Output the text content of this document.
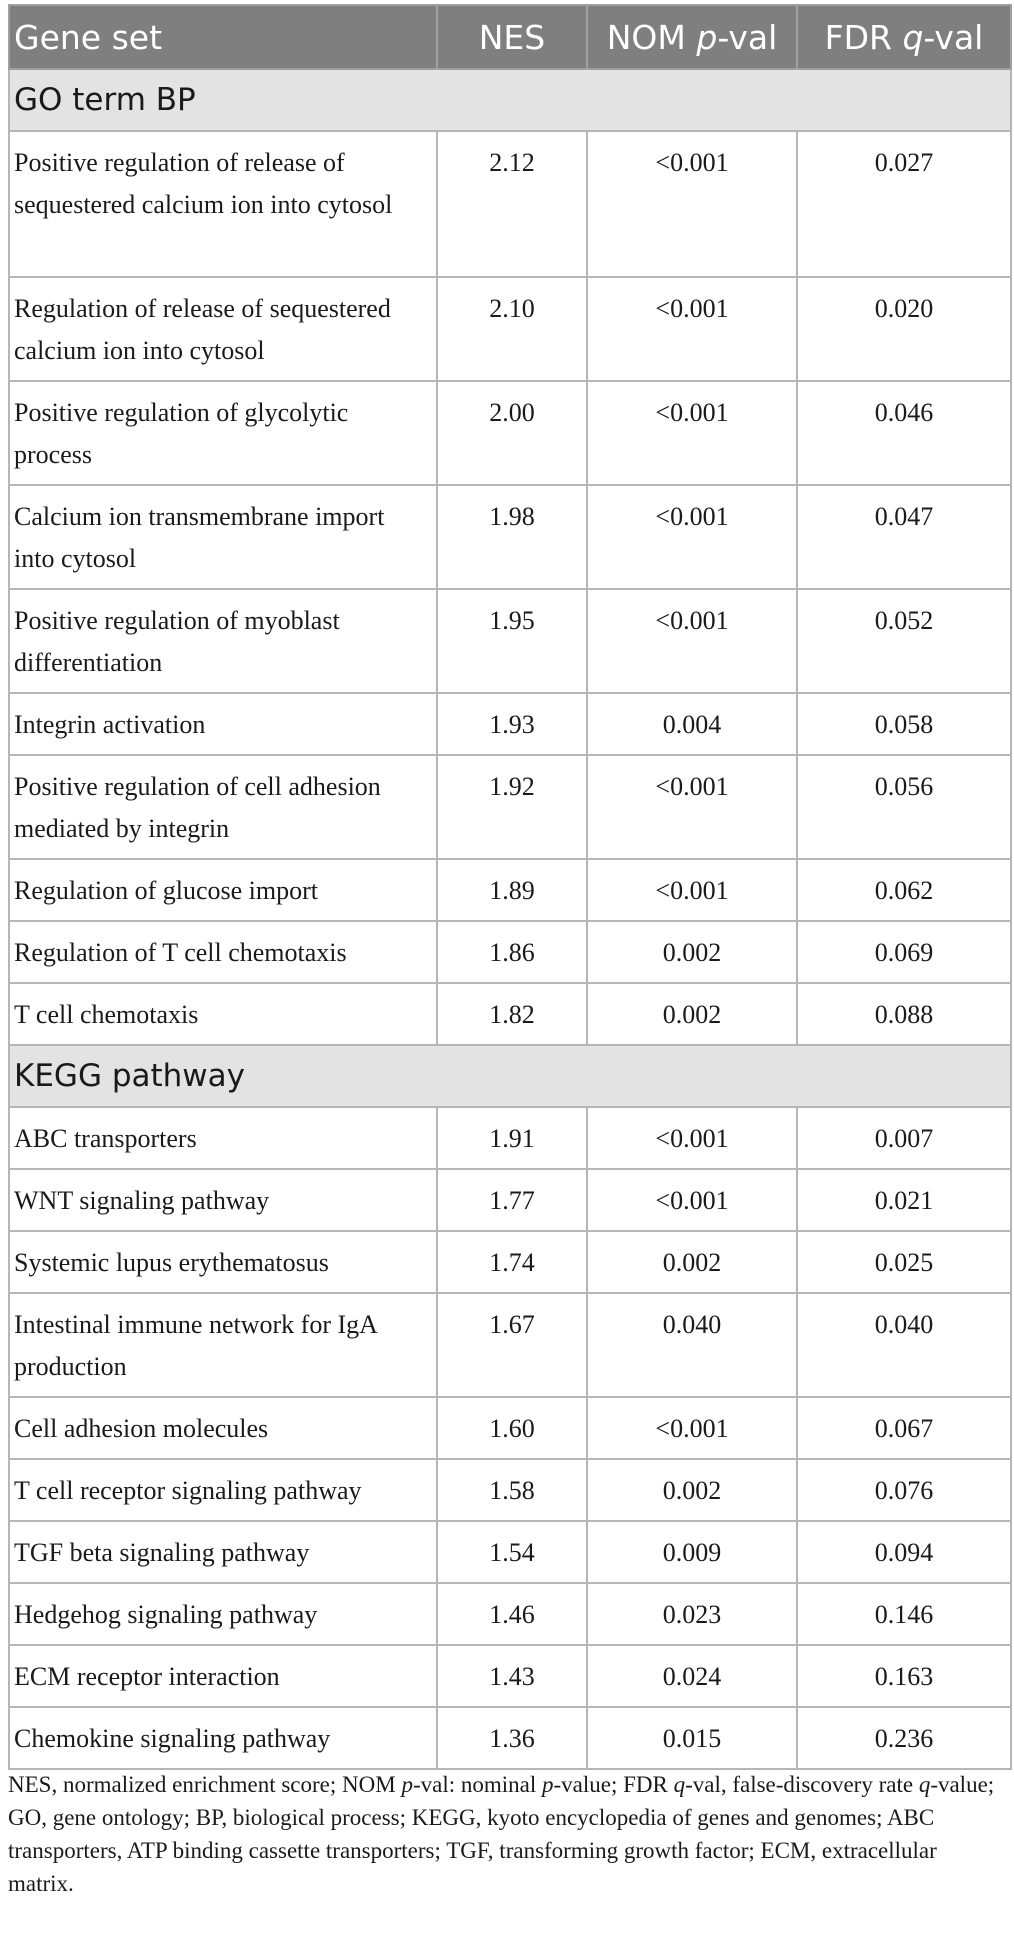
Gene set	NES	NOM p-val	FDR q-val
GO term BP			
Positive regulation of release of sequestered calcium ion into cytosol	2.12	<0.001	0.027
Regulation of release of sequestered calcium ion into cytosol	2.10	<0.001	0.020
Positive regulation of glycolytic process	2.00	<0.001	0.046
Calcium ion transmembrane import into cytosol	1.98	<0.001	0.047
Positive regulation of myoblast differentiation	1.95	<0.001	0.052
Integrin activation	1.93	0.004	0.058
Positive regulation of cell adhesion mediated by integrin	1.92	<0.001	0.056
Regulation of glucose import	1.89	<0.001	0.062
Regulation of T cell chemotaxis	1.86	0.002	0.069
T cell chemotaxis	1.82	0.002	0.088
KEGG pathway			
ABC transporters	1.91	<0.001	0.007
WNT signaling pathway	1.77	<0.001	0.021
Systemic lupus erythematosus	1.74	0.002	0.025
Intestinal immune network for IgA production	1.67	0.040	0.040
Cell adhesion molecules	1.60	<0.001	0.067
T cell receptor signaling pathway	1.58	0.002	0.076
TGF beta signaling pathway	1.54	0.009	0.094
Hedgehog signaling pathway	1.46	0.023	0.146
ECM receptor interaction	1.43	0.024	0.163
Chemokine signaling pathway	1.36	0.015	0.236
NES, normalized enrichment score; NOM p-val: nominal p-value; FDR q-val, false-discovery rate q-value; GO, gene ontology; BP, biological process; KEGG, kyoto encyclopedia of genes and genomes; ABC transporters, ATP binding cassette transporters; TGF, transforming growth factor; ECM, extracellular matrix.
